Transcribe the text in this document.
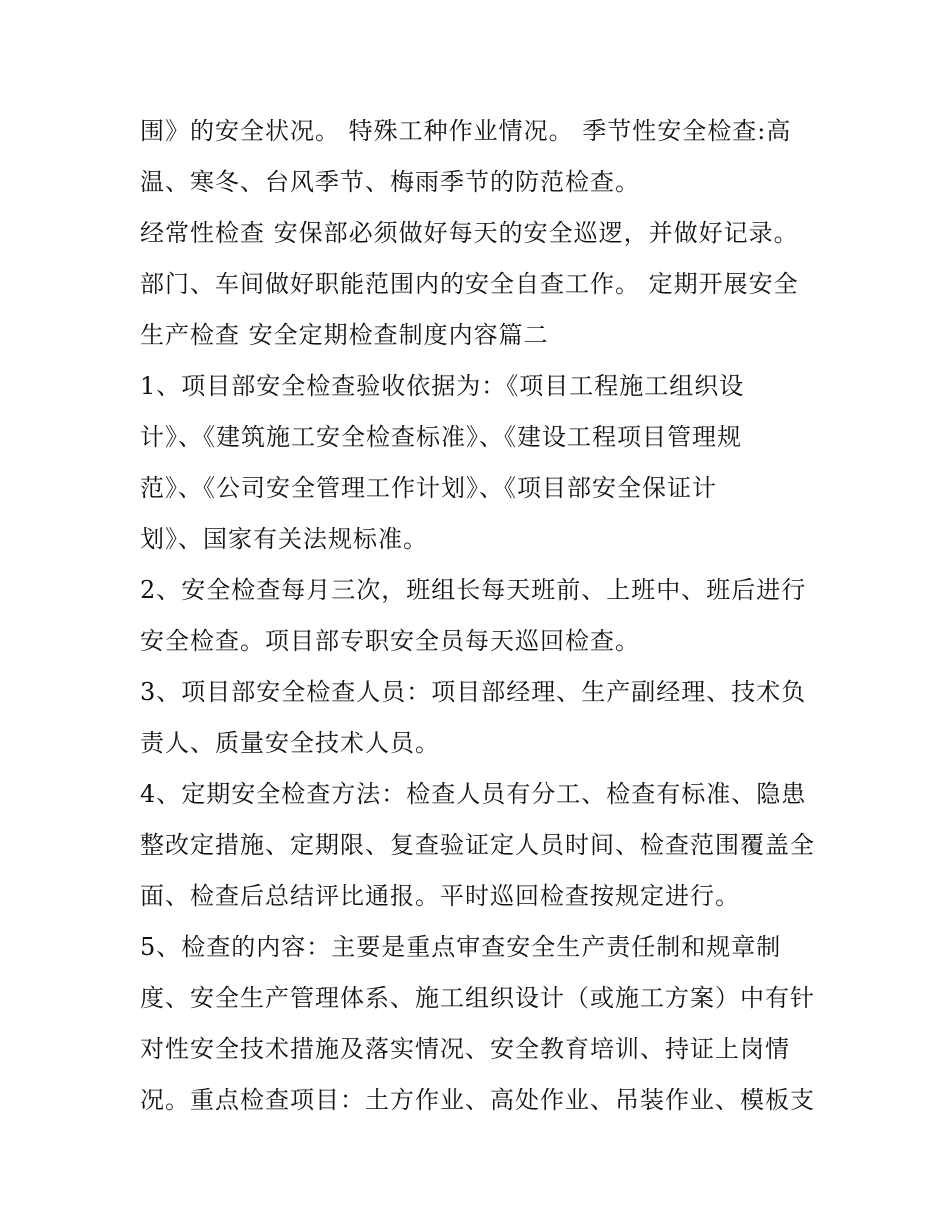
围》的安全状况。 特殊工种作业情况。 季节性安全检查:高
温、寒冬、台风季节、梅雨季节的防范检查。
经常性检查 安保部必须做好每天的安全巡逻，并做好记录。
部门、车间做好职能范围内的安全自查工作。 定期开展安全
生产检查 安全定期检查制度内容篇二
1、项目部安全检查验收依据为：《项目工程施工组织设
计》、《建筑施工安全检查标准》、《建设工程项目管理规
范》、《公司安全管理工作计划》、《项目部安全保证计
划》、国家有关法规标准。
2、安全检查每月三次，班组长每天班前、上班中、班后进行
安全检查。项目部专职安全员每天巡回检查。
3、项目部安全检查人员：项目部经理、生产副经理、技术负
责人、质量安全技术人员。
4、定期安全检查方法：检查人员有分工、检查有标准、隐患
整改定措施、定期限、复查验证定人员时间、检查范围覆盖全
面、检查后总结评比通报。平时巡回检查按规定进行。
5、检查的内容：主要是重点审查安全生产责任制和规章制
度、安全生产管理体系、施工组织设计（或施工方案）中有针
对性安全技术措施及落实情况、安全教育培训、持证上岗情
况。重点检查项目：土方作业、高处作业、吊装作业、模板支
